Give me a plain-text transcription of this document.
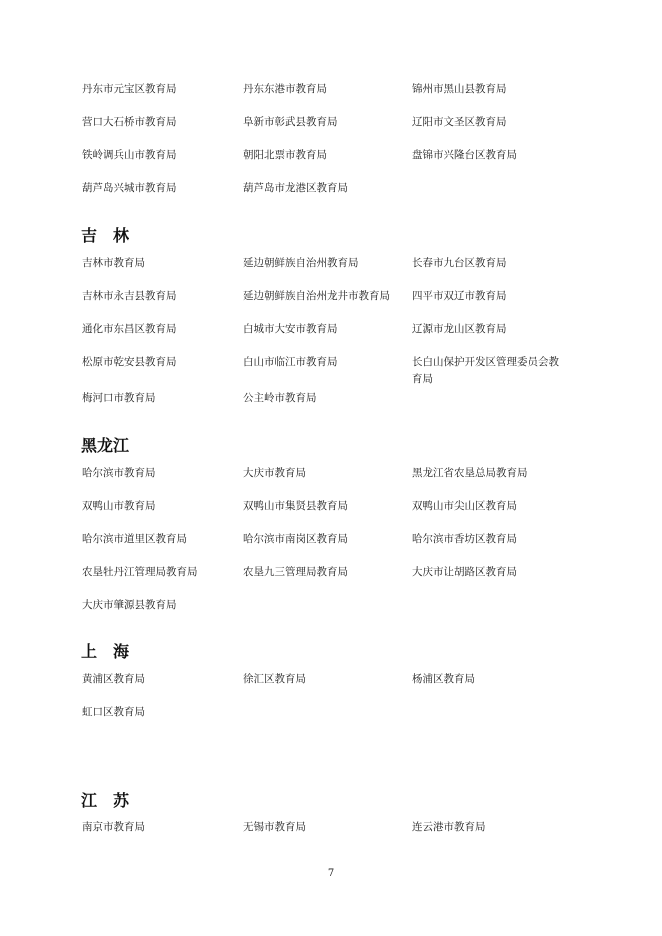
丹东市元宝区教育局	丹东东港市教育局	锦州市黑山县教育局
营口大石桥市教育局	阜新市彰武县教育局	辽阳市文圣区教育局
铁岭调兵山市教育局	朝阳北票市教育局	盘锦市兴隆台区教育局
葫芦岛兴城市教育局	葫芦岛市龙港区教育局
吉　林
吉林市教育局	延边朝鲜族自治州教育局	长春市九台区教育局
吉林市永吉县教育局	延边朝鲜族自治州龙井市教育局	四平市双辽市教育局
通化市东昌区教育局	白城市大安市教育局	辽源市龙山区教育局
松原市乾安县教育局	白山市临江市教育局	长白山保护开发区管理委员会教育局
梅河口市教育局	公主岭市教育局
黑龙江
哈尔滨市教育局	大庆市教育局	黑龙江省农垦总局教育局
双鸭山市教育局	双鸭山市集贤县教育局	双鸭山市尖山区教育局
哈尔滨市道里区教育局	哈尔滨市南岗区教育局	哈尔滨市香坊区教育局
农垦牡丹江管理局教育局	农垦九三管理局教育局	大庆市让胡路区教育局
大庆市肇源县教育局
上　海
黄浦区教育局	徐汇区教育局	杨浦区教育局
虹口区教育局
江　苏
南京市教育局	无锡市教育局	连云港市教育局
7
